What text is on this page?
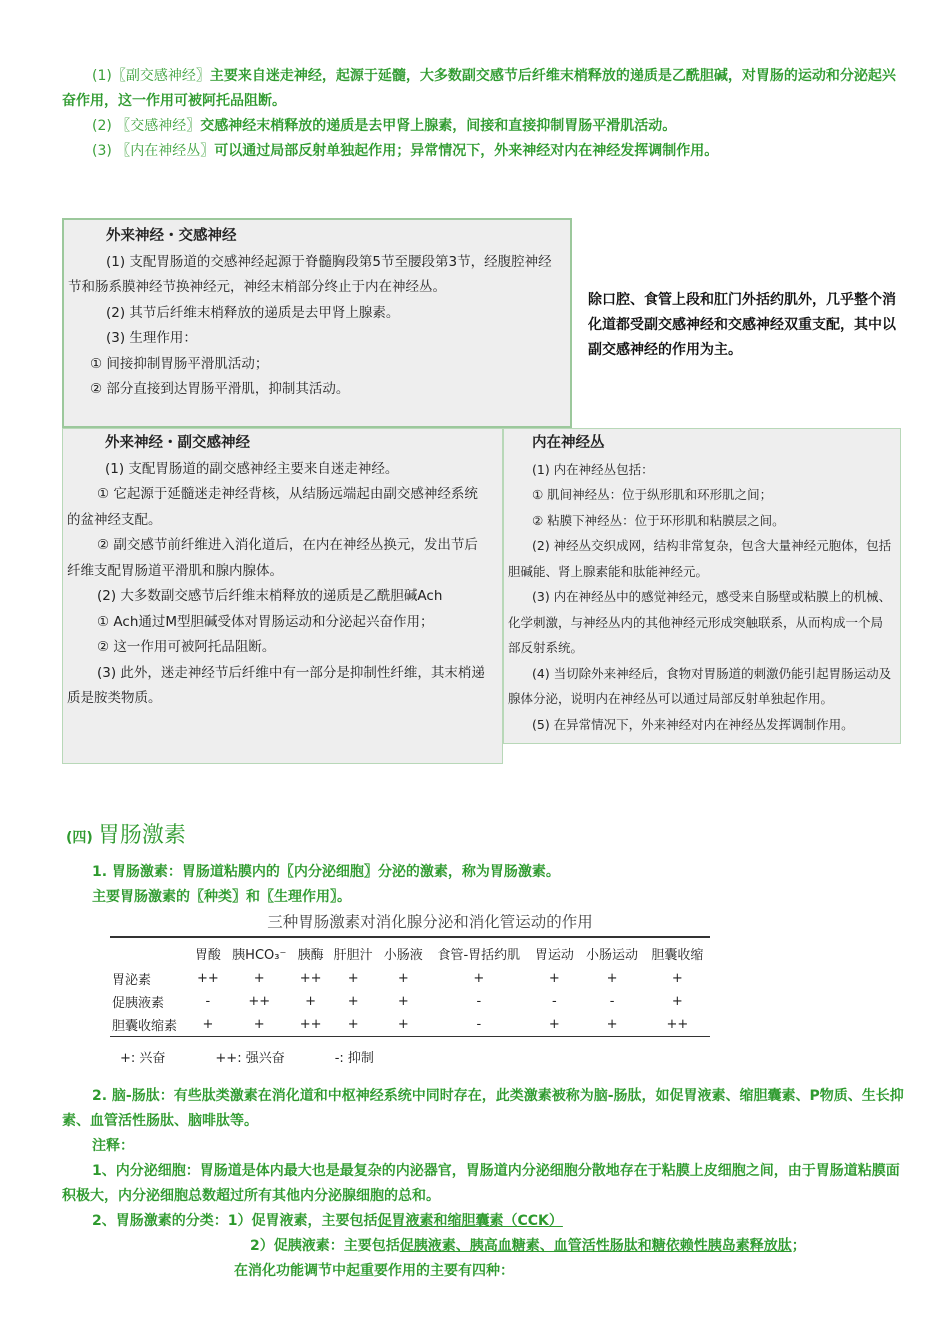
(1)〖副交感神经〗主要来自迷走神经，起源于延髓，大多数副交感节后纤维末梢释放的递质是乙酰胆碱，对胃肠的运动和分泌起兴奋作用，这一作用可被阿托品阻断。

(2) 〖交感神经〗交感神经末梢释放的递质是去甲肾上腺素，间接和直接抑制胃肠平滑肌活动。

(3) 〖内在神经丛〗可以通过局部反射单独起作用；异常情况下，外来神经对内在神经发挥调制作用。

外来神经・交感神经

(1) 支配胃肠道的交感神经起源于脊髓胸段第5节至腰段第3节，经腹腔神经节和肠系膜神经节换神经元，神经末梢部分终止于内在神经丛。

(2) 其节后纤维末梢释放的递质是去甲肾上腺素。

(3) 生理作用：

① 间接抑制胃肠平滑肌活动；

② 部分直接到达胃肠平滑肌，抑制其活动。

除口腔、食管上段和肛门外括约肌外，几乎整个消化道都受副交感神经和交感神经双重支配，其中以副交感神经的作用为主。

外来神经・副交感神经

(1) 支配胃肠道的副交感神经主要来自迷走神经。

① 它起源于延髓迷走神经背核，从结肠远端起由副交感神经系统的盆神经支配。

② 副交感节前纤维进入消化道后，在内在神经丛换元，发出节后纤维支配胃肠道平滑肌和腺内腺体。

(2) 大多数副交感节后纤维末梢释放的递质是乙酰胆碱Ach

① Ach通过M型胆碱受体对胃肠运动和分泌起兴奋作用；

② 这一作用可被阿托品阻断。

(3) 此外，迷走神经节后纤维中有一部分是抑制性纤维，其末梢递质是胺类物质。

内在神经丛

(1) 内在神经丛包括：

① 肌间神经丛：位于纵形肌和环形肌之间；

② 粘膜下神经丛：位于环形肌和粘膜层之间。

(2) 神经丛交织成网，结构非常复杂，包含大量神经元胞体，包括胆碱能、肾上腺素能和肽能神经元。

(3) 内在神经丛中的感觉神经元，感受来自肠壁或粘膜上的机械、化学刺激，与神经丛内的其他神经元形成突触联系，从而构成一个局部反射系统。

(4) 当切除外来神经后，食物对胃肠道的刺激仍能引起胃肠运动及腺体分泌，说明内在神经丛可以通过局部反射单独起作用。

(5) 在异常情况下，外来神经对内在神经丛发挥调制作用。

(四) 胃肠激素

1. 胃肠激素：胃肠道粘膜内的〖内分泌细胞〗分泌的激素，称为胃肠激素。

主要胃肠激素的〖种类〗和〖生理作用〗。

三种胃肠激素对消化腺分泌和消化管运动的作用
	胃酸	胰HCO₃⁻	胰酶	肝胆汁	小肠液	食管-胃括约肌	胃运动	小肠运动	胆囊收缩
胃泌素	++	+	++	+	+	+	+	+	+
促胰液素	-	++	+	+	+	-	-	-	+
胆囊收缩素	+	+	++	+	+	-	+	+	++
+: 兴奋	++: 强兴奋	-: 抑制

2. 脑-肠肽：有些肽类激素在消化道和中枢神经系统中同时存在，此类激素被称为脑-肠肽，如促胃液素、缩胆囊素、P物质、生长抑素、血管活性肠肽、脑啡肽等。

注释：

1、内分泌细胞：胃肠道是体内最大也是最复杂的内泌器官，胃肠道内分泌细胞分散地存在于粘膜上皮细胞之间，由于胃肠道粘膜面积极大，内分泌细胞总数超过所有其他内分泌腺细胞的总和。

2、胃肠激素的分类：1）促胃液素，主要包括促胃液素和缩胆囊素（CCK）

2）促胰液素：主要包括促胰液素、胰高血糖素、血管活性肠肽和糖依赖性胰岛素释放肽；
在消化功能调节中起重要作用的主要有四种：
